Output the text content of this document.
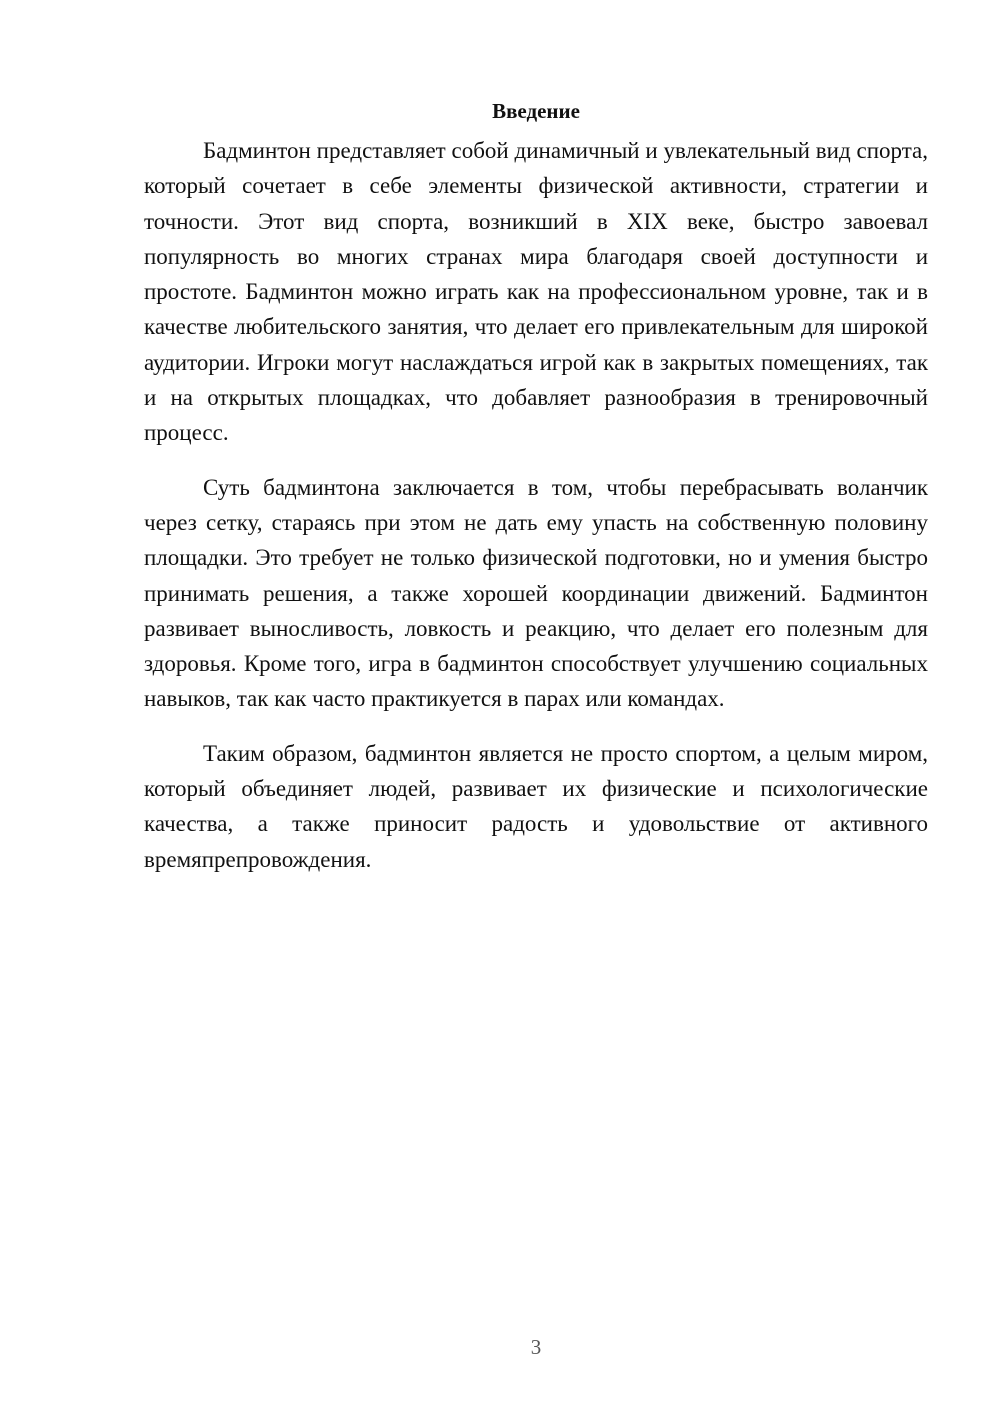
Введение

Бадминтон представляет собой динамичный и увлекательный вид спорта, который сочетает в себе элементы физической активности, стратегии и точности. Этот вид спорта, возникший в XIX веке, быстро завоевал популярность во многих странах мира благодаря своей доступности и простоте. Бадминтон можно играть как на профессиональном уровне, так и в качестве любительского занятия, что делает его привлекательным для широкой аудитории. Игроки могут наслаждаться игрой как в закрытых помещениях, так и на открытых площадках, что добавляет разнообразия в тренировочный процесс.

Суть бадминтона заключается в том, чтобы перебрасывать воланчик через сетку, стараясь при этом не дать ему упасть на собственную половину площадки. Это требует не только физической подготовки, но и умения быстро принимать решения, а также хорошей координации движений. Бадминтон развивает выносливость, ловкость и реакцию, что делает его полезным для здоровья. Кроме того, игра в бадминтон способствует улучшению социальных навыков, так как часто практикуется в парах или командах.

Таким образом, бадминтон является не просто спортом, а целым миром, который объединяет людей, развивает их физические и психологические качества, а также приносит радость и удовольствие от активного времяпрепровождения.

3
